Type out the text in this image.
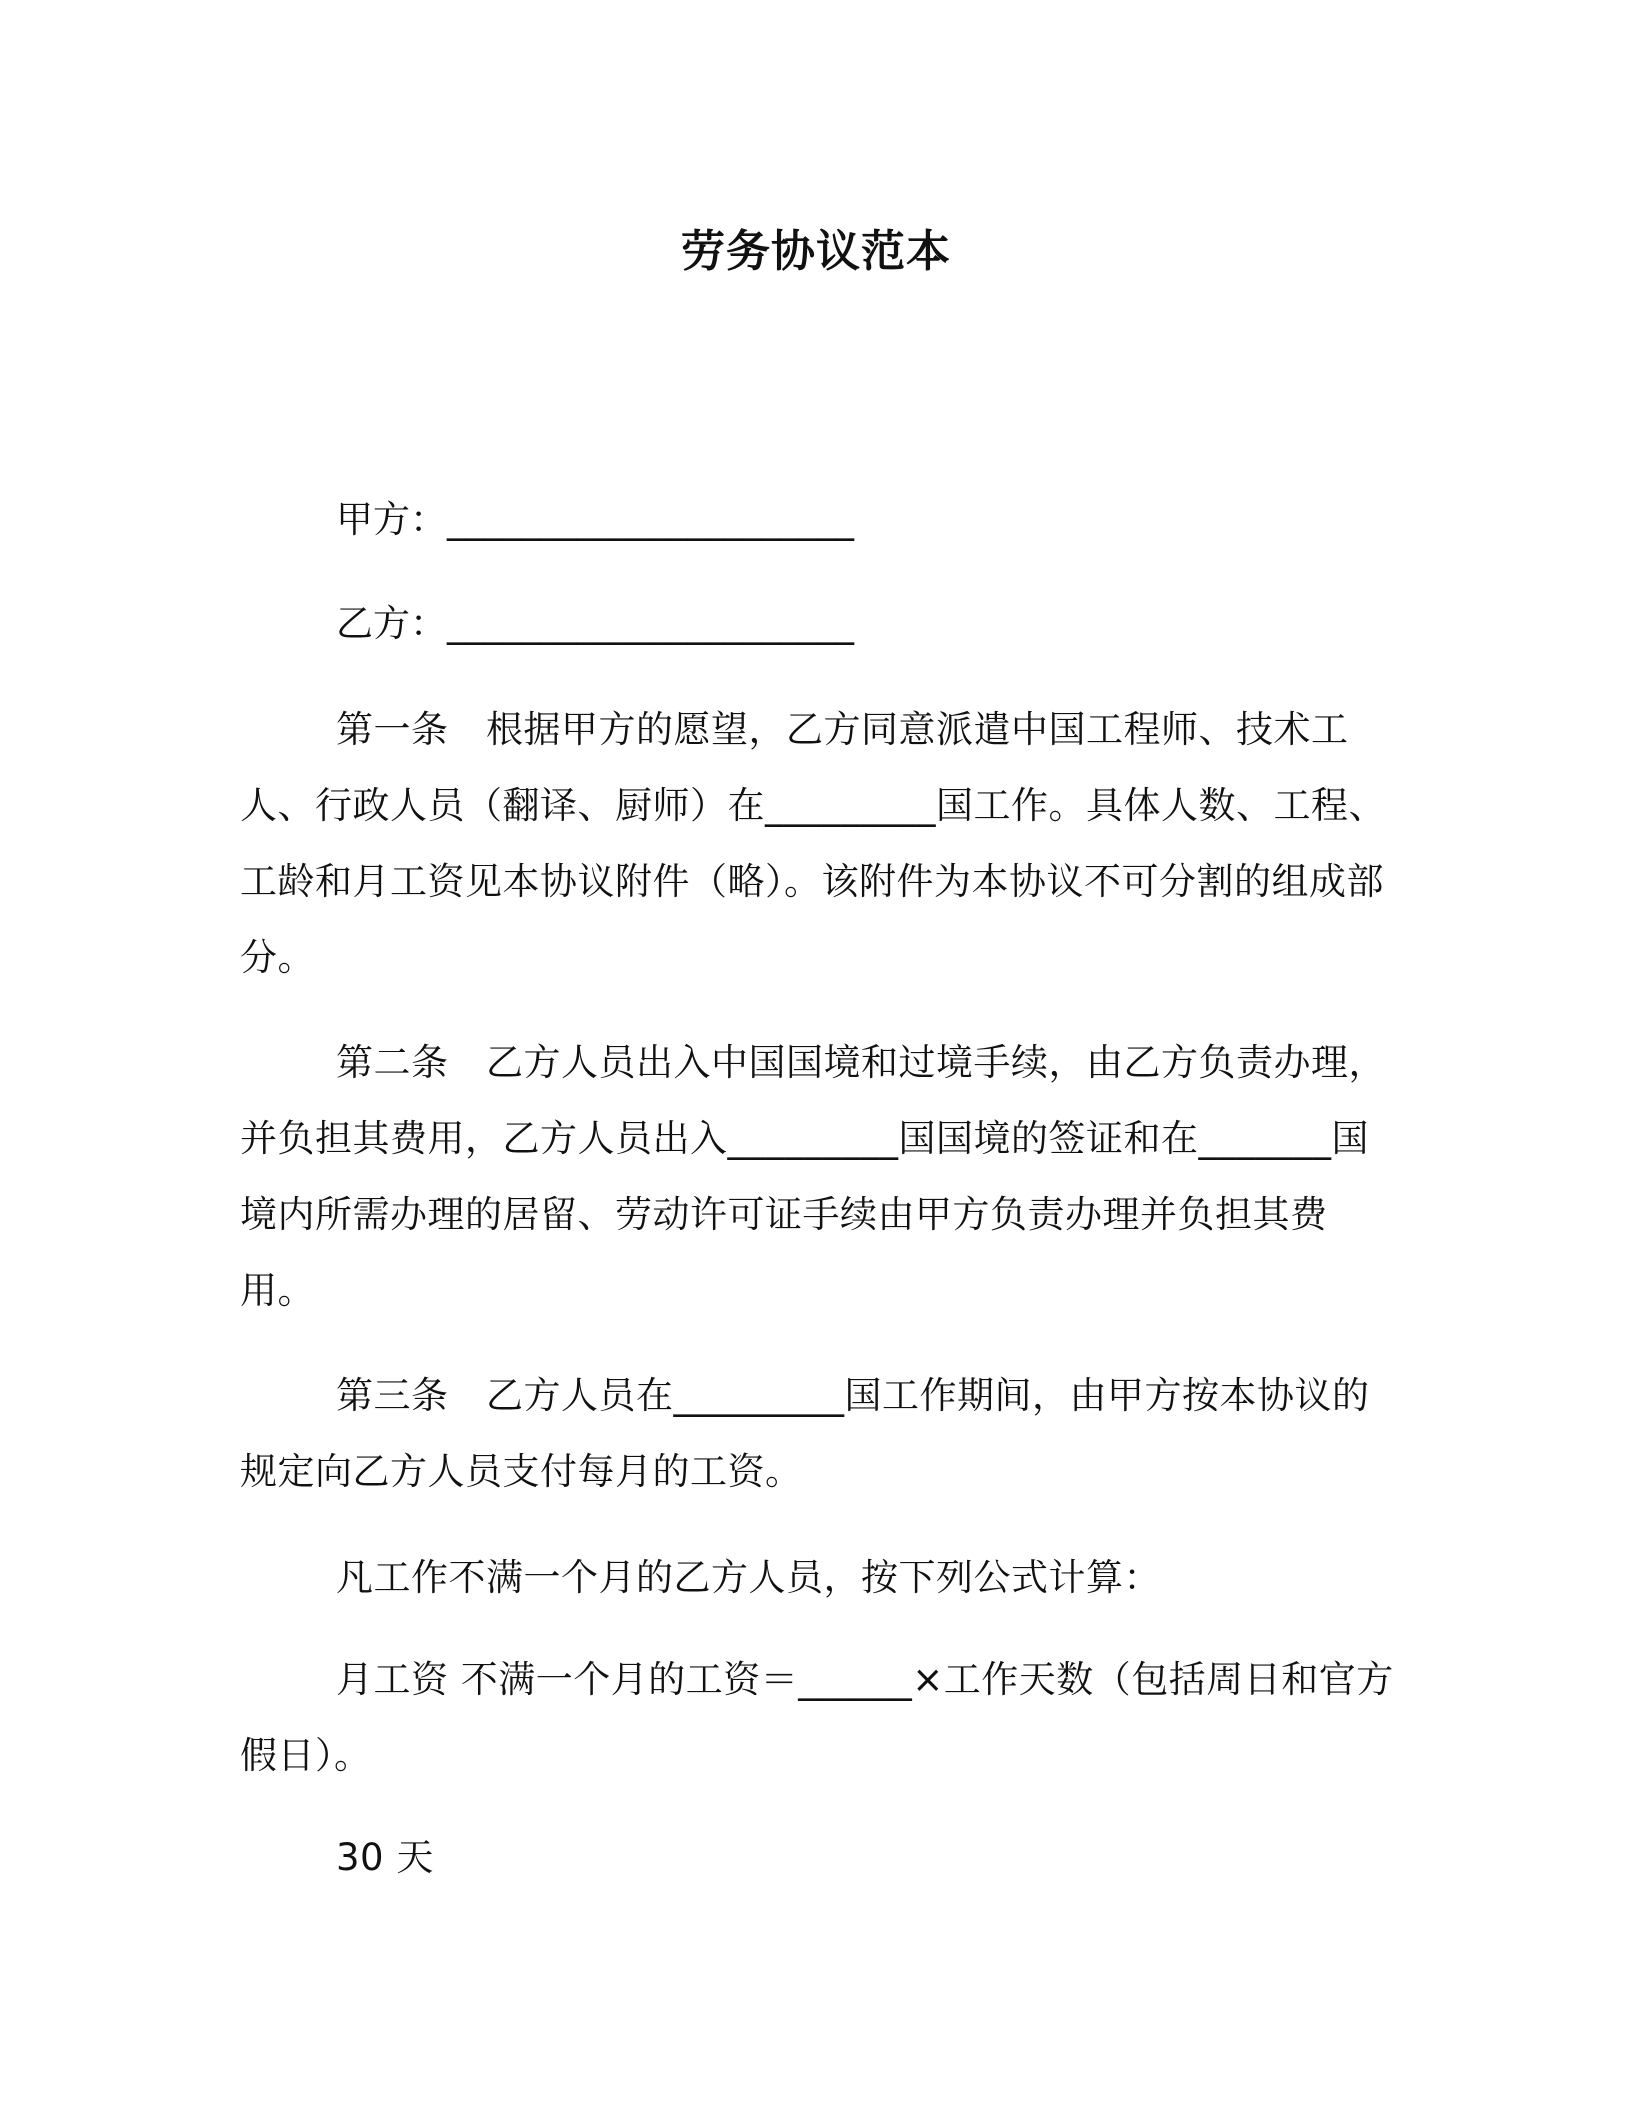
劳务协议范本
甲方：______________________
乙方：______________________

第一条　根据甲方的愿望，乙方同意派遣中国工程师、技术工人、行政人员（翻译、厨师）在_________国工作。具体人数、工程、工龄和月工资见本协议附件（略）。该附件为本协议不可分割的组成部分。

第二条　乙方人员出入中国国境和过境手续，由乙方负责办理，并负担其费用，乙方人员出入_________国国境的签证和在_______国境内所需办理的居留、劳动许可证手续由甲方负责办理并负担其费用。

第三条　乙方人员在_________国工作期间，由甲方按本协议的规定向乙方人员支付每月的工资。

凡工作不满一个月的乙方人员，按下列公式计算：

月工资 不满一个月的工资＝______×工作天数（包括周日和官方假日）。

30 天
